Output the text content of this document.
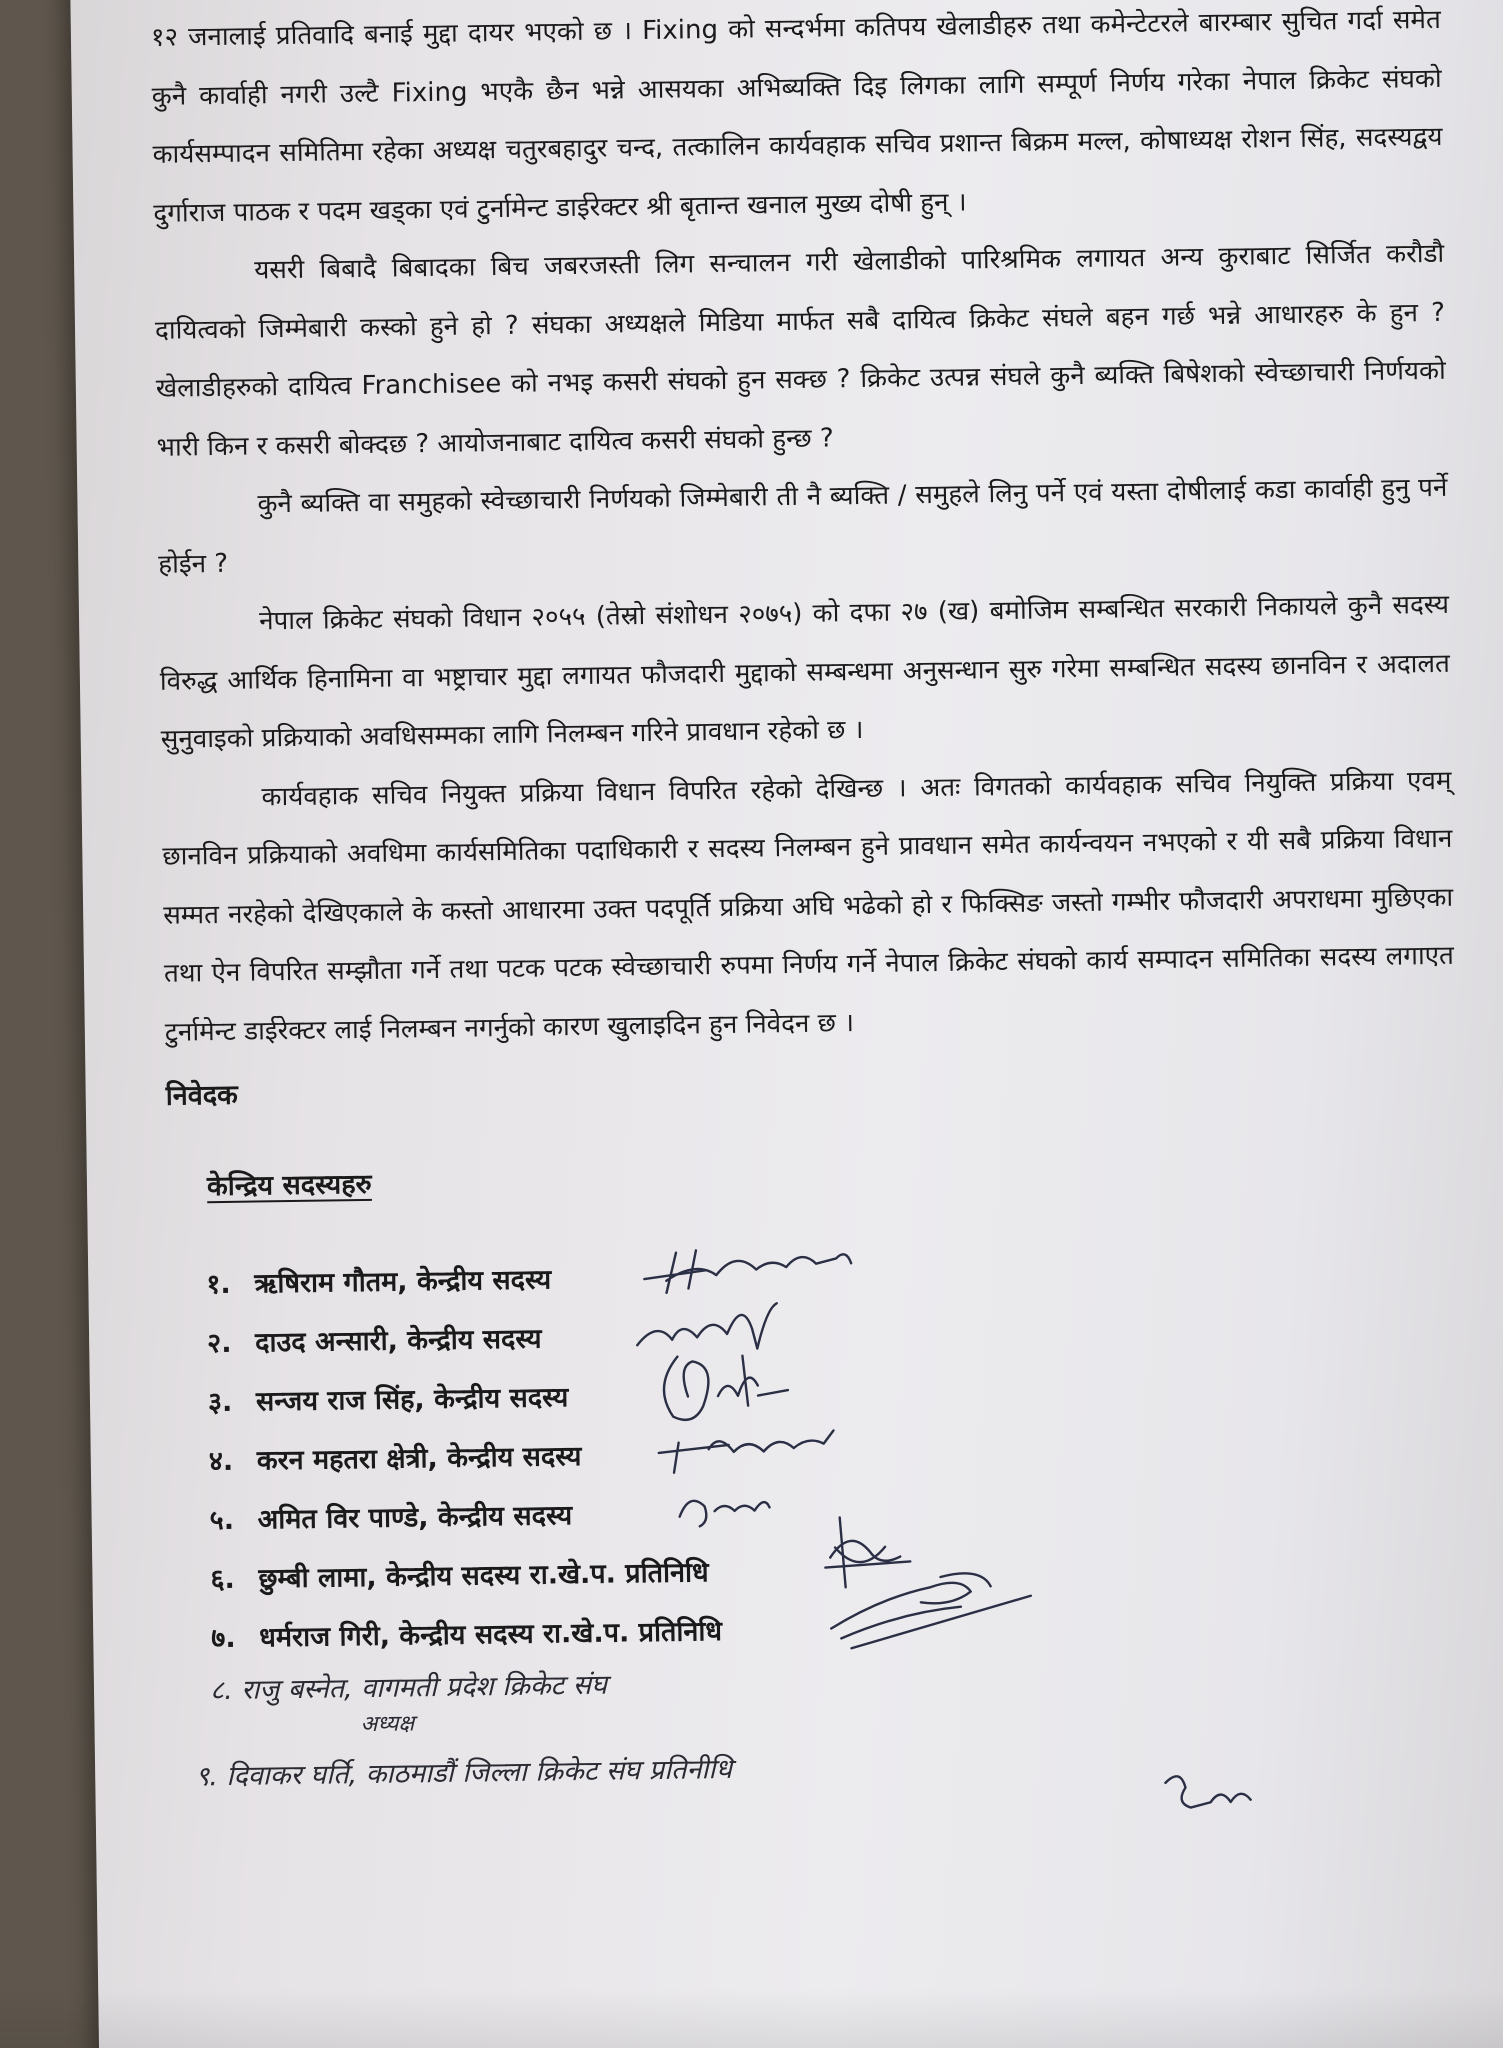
१२ जनालाई प्रतिवादि बनाई मुद्दा दायर भएको छ । Fixing को सन्दर्भमा कतिपय खेलाडीहरु तथा कमेन्टेटरले बारम्बार सुचित गर्दा समेत कुनै कार्वाही नगरी उल्टै Fixing भएकै छैन भन्ने आसयका अभिब्यक्ति दिइ लिगका लागि सम्पूर्ण निर्णय गरेका नेपाल क्रिकेट संघको कार्यसम्पादन समितिमा रहेका अध्यक्ष चतुरबहादुर चन्द, तत्कालिन कार्यवहाक सचिव प्रशान्त बिक्रम मल्ल, कोषाध्यक्ष रोशन सिंह, सदस्यद्वय दुर्गाराज पाठक र पदम खड्का एवं टुर्नामेन्ट डाईरेक्टर श्री बृतान्त खनाल मुख्य दोषी हुन् ।

यसरी बिबादै बिबादका बिच जबरजस्ती लिग सन्चालन गरी खेलाडीको पारिश्रमिक लगायत अन्य कुराबाट सिर्जित करौडौ दायित्वको जिम्मेबारी कस्को हुने हो ? संघका अध्यक्षले मिडिया मार्फत सबै दायित्व क्रिकेट संघले बहन गर्छ भन्ने आधारहरु के हुन ? खेलाडीहरुको दायित्व Franchisee को नभइ कसरी संघको हुन सक्छ ? क्रिकेट उत्पन्न संघले कुनै ब्यक्ति बिषेशको स्वेच्छाचारी निर्णयको भारी किन र कसरी बोक्दछ ? आयोजनाबाट दायित्व कसरी संघको हुन्छ ?

कुनै ब्यक्ति वा समुहको स्वेच्छाचारी निर्णयको जिम्मेबारी ती नै ब्यक्ति / समुहले लिनु पर्ने एवं यस्ता दोषीलाई कडा कार्वाही हुनु पर्ने होईन ?

नेपाल क्रिकेट संघको विधान २०५५ (तेस्रो संशोधन २०७५) को दफा २७ (ख) बमोजिम सम्बन्धित सरकारी निकायले कुनै सदस्य विरुद्ध आर्थिक हिनामिना वा भष्ट्राचार मुद्दा लगायत फौजदारी मुद्दाको सम्बन्धमा अनुसन्धान सुरु गरेमा सम्बन्धित सदस्य छानविन र अदालत सुनुवाइको प्रक्रियाको अवधिसम्मका लागि निलम्बन गरिने प्रावधान रहेको छ ।

कार्यवहाक सचिव नियुक्त प्रक्रिया विधान विपरित रहेको देखिन्छ । अतः विगतको कार्यवहाक सचिव नियुक्ति प्रक्रिया एवम् छानविन प्रक्रियाको अवधिमा कार्यसमितिका पदाधिकारी र सदस्य निलम्बन हुने प्रावधान समेत कार्यन्वयन नभएको र यी सबै प्रक्रिया विधान सम्मत नरहेको देखिएकाले के कस्तो आधारमा उक्त पदपूर्ति प्रक्रिया अघि भढेको हो र फिक्सिङ जस्तो गम्भीर फौजदारी अपराधमा मुछिएका तथा ऐन विपरित सम्झौता गर्ने तथा पटक पटक स्वेच्छाचारी रुपमा निर्णय गर्ने नेपाल क्रिकेट संघको कार्य सम्पादन समितिका सदस्य लगाएत टुर्नामेन्ट डाईरेक्टर लाई निलम्बन नगर्नुको कारण खुलाइदिन हुन निवेदन छ ।

निवेदक

केन्द्रिय सदस्यहरु

१. ऋषिराम गौतम, केन्द्रीय सदस्य
२. दाउद अन्सारी, केन्द्रीय सदस्य
३. सन्जय राज सिंह, केन्द्रीय सदस्य
४. करन महतरा क्षेत्री, केन्द्रीय सदस्य
५. अमित विर पाण्डे, केन्द्रीय सदस्य
६. छुम्बी लामा, केन्द्रीय सदस्य रा.खे.प. प्रतिनिधि
७. धर्मराज गिरी, केन्द्रीय सदस्य रा.खे.प. प्रतिनिधि
८. राजु बस्नेत, वागमती प्रदेश क्रिकेट संघ
अध्यक्ष
९. दिवाकर घर्ति, काठमाडौं जिल्ला क्रिकेट संघ प्रतिनीधि
